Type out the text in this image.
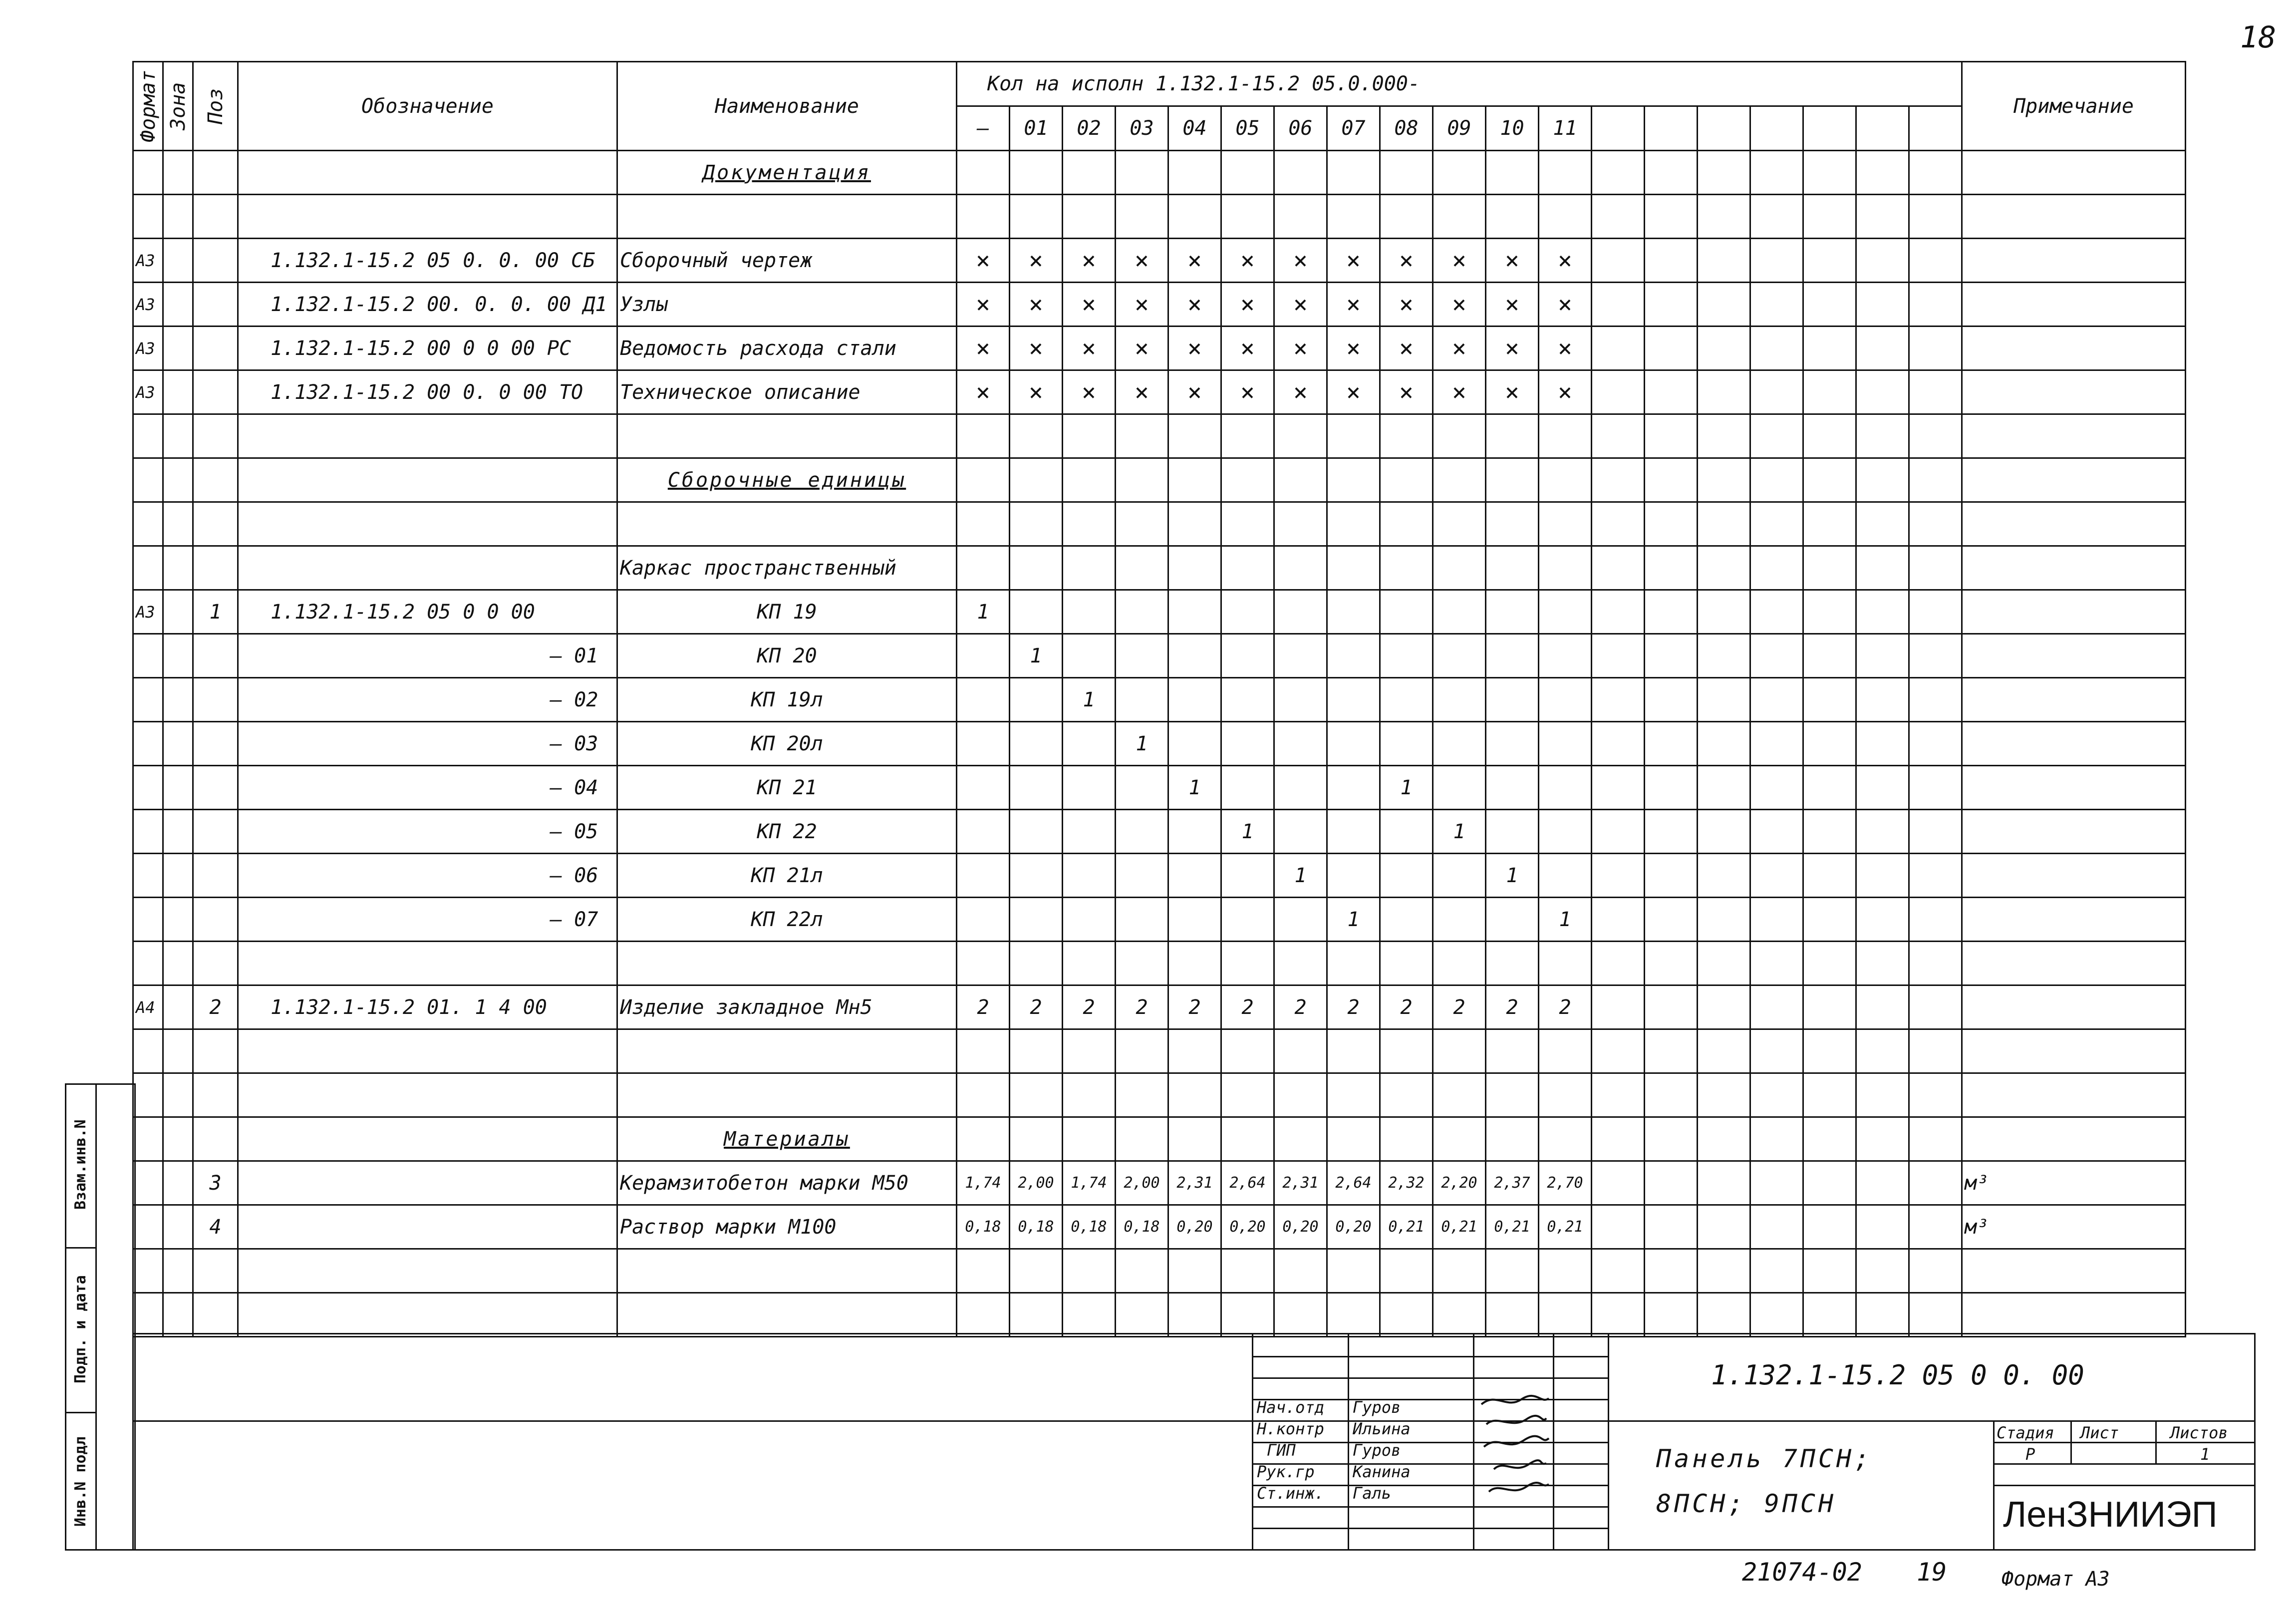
18
Формат	Зона	Поз	Обозначение	Наименование	Кол на исполн 1.132.1-15.2 05.0.000-																			Примечание
					—	01	02	03	04	05	06	07	08	09	10	11								
				Документация																				

А3			1.132.1-15.2 05 0. 0. 00 СБ	Сборочный чертеж	×	×	×	×	×	×	×	×	×	×	×	×								
А3			1.132.1-15.2 00. 0. 0. 00 Д1	Узлы	×	×	×	×	×	×	×	×	×	×	×	×								
А3			1.132.1-15.2 00 0 0 00 РС	Ведомость расхода стали	×	×	×	×	×	×	×	×	×	×	×	×								
А3			1.132.1-15.2 00 0. 0 00 ТО	Техническое описание	×	×	×	×	×	×	×	×	×	×	×	×								

				Сборочные единицы																				

				Каркас пространственный																				
А3		1	1.132.1-15.2 05 0 0 00	КП 19	1																			
			— 01	КП 20		1																		
			— 02	КП 19л			1																	
			— 03	КП 20л				1																
			— 04	КП 21					1				1											
			— 05	КП 22						1				1										
			— 06	КП 21л							1				1									
			— 07	КП 22л								1				1								

А4		2	1.132.1-15.2 01. 1 4 00	Изделие закладное Мн5	2	2	2	2	2	2	2	2	2	2	2	2								

				Материалы																				
		3		Керамзитобетон марки М50	1,74	2,00	1,74	2,00	2,31	2,64	2,31	2,64	2,32	2,20	2,37	2,70								м³
		4		Раствор марки М100	0,18	0,18	0,18	0,18	0,20	0,20	0,20	0,20	0,21	0,21	0,21	0,21								м³

Инв.N подл
Подп. и дата
Взам.инв.N
1.132.1-15.2 05 0 0. 00
Нач.отд Гуров
Н.контр Ильина
ГИП	Гуров
Рук.гр Канина
Ст.инж. Галь
Панель 7ПСН;
8ПСН; 9ПСН
Стадия Лист	Листов
Р	1
ЛенЗНИИЭП
21074-02 19	Формат А3
